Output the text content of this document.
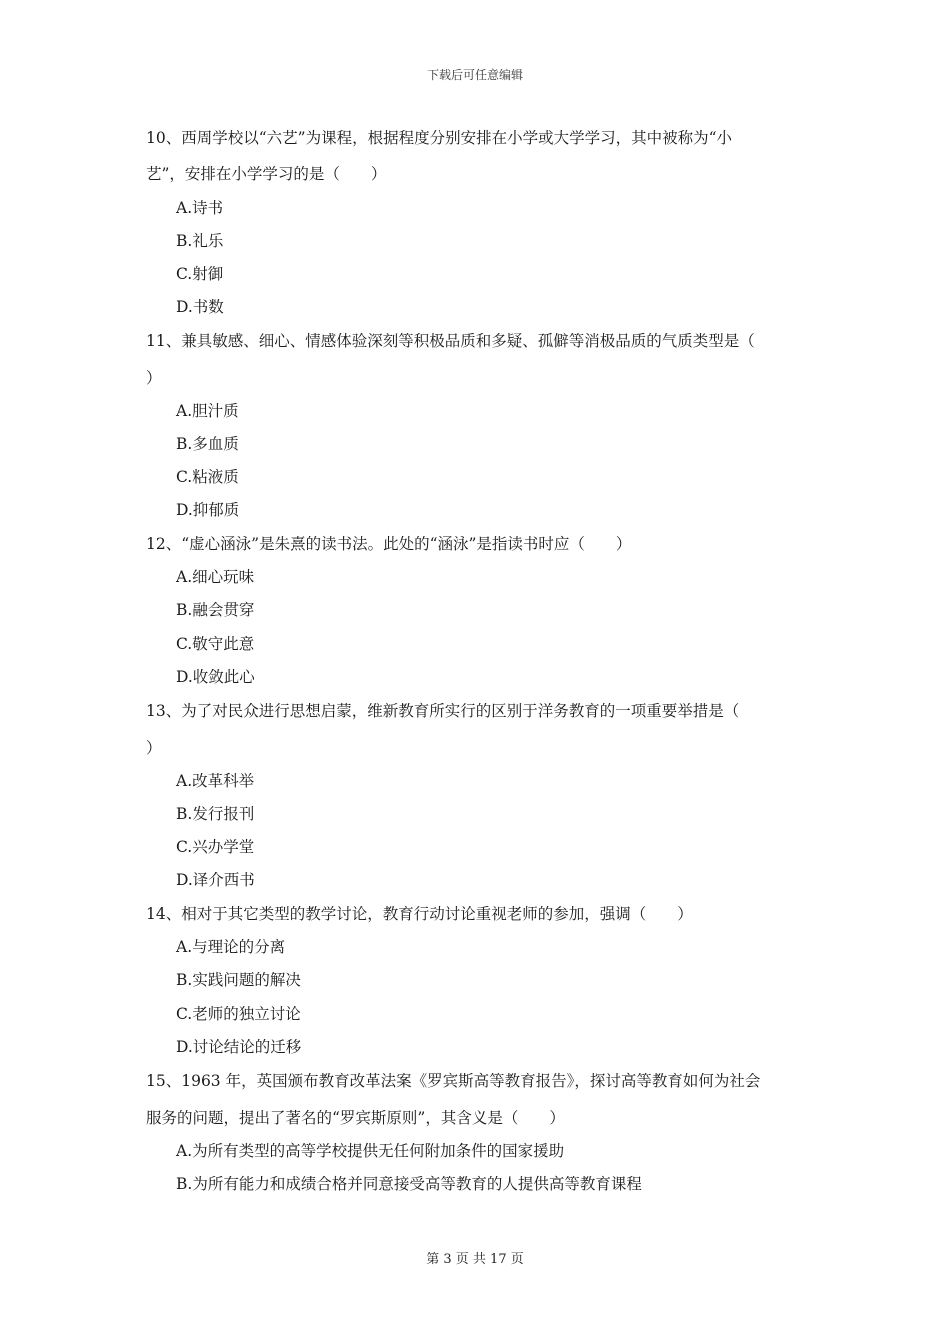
下载后可任意编辑
10、西周学校以“六艺”为课程，根据程度分别安排在小学或大学学习，其中被称为“小
艺”，安排在小学学习的是（　　）
A.诗书
B.礼乐
C.射御
D.书数
11、兼具敏感、细心、情感体验深刻等积极品质和多疑、孤僻等消极品质的气质类型是（
）
A.胆汁质
B.多血质
C.粘液质
D.抑郁质
12、“虚心涵泳”是朱熹的读书法。此处的“涵泳”是指读书时应（　　）
A.细心玩味
B.融会贯穿
C.敬守此意
D.收敛此心
13、为了对民众进行思想启蒙，维新教育所实行的区别于洋务教育的一项重要举措是（
）
A.改革科举
B.发行报刊
C.兴办学堂
D.译介西书
14、相对于其它类型的教学讨论，教育行动讨论重视老师的参加，强调（　　）
A.与理论的分离
B.实践问题的解决
C.老师的独立讨论
D.讨论结论的迁移
15、1963 年，英国颁布教育改革法案《罗宾斯高等教育报告》，探讨高等教育如何为社会
服务的问题，提出了著名的“罗宾斯原则”，其含义是（　　）
A.为所有类型的高等学校提供无任何附加条件的国家援助
B.为所有能力和成绩合格并同意接受高等教育的人提供高等教育课程
第 3 页 共 17 页
